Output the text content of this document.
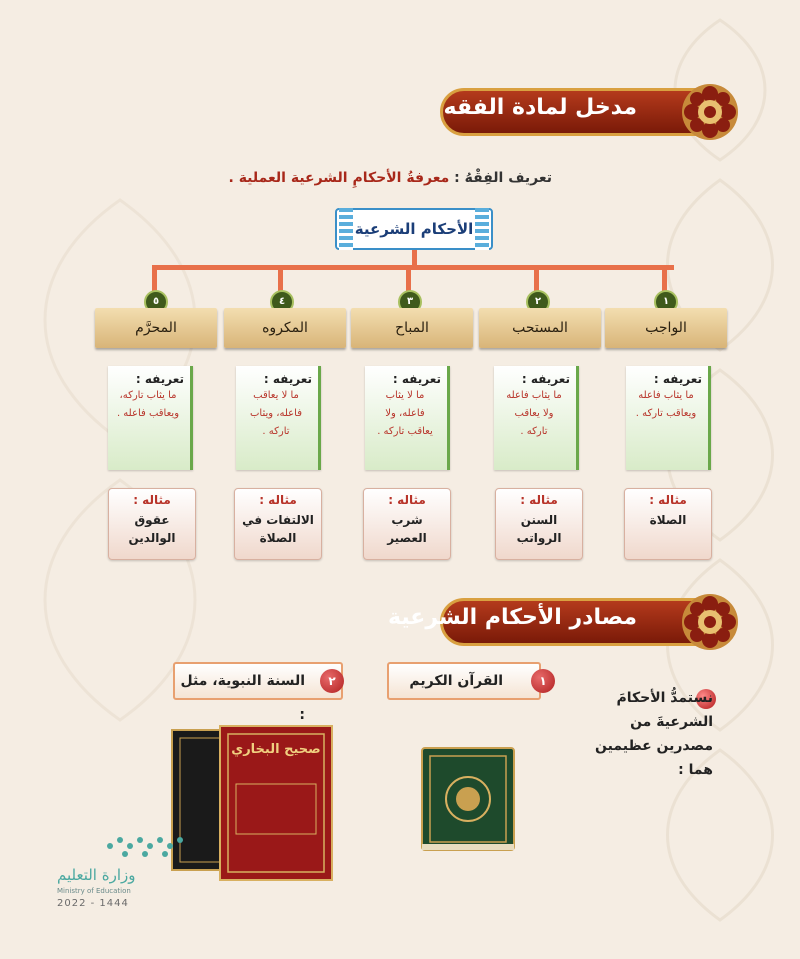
مدخل لمادة الفقه
تعريف الفِقْهُ : معرفةُ الأحكامِ الشرعية العملية .
الأحكام الشرعية
١
٢
٣
٤
٥
الواجب
المستحب
المباح
المكروه
المحرَّم
تعريفه :
ما يثاب فاعله
ويعاقب تاركه .
تعريفه :
ما يثاب فاعله
ولا يعاقب
تاركه .
تعريفه :
ما لا يثاب
فاعله، ولا
يعاقب تاركه .
تعريفه :
ما لا يعاقب
فاعله، ويثاب
تاركه .
تعريفه :
ما يثاب تاركه،
ويعاقب فاعله .
مثاله :
الصلاة
مثاله :
السنن الرواتب
مثاله :
شرب
العصير
مثاله :
الالتفات في
الصلاة
مثاله :
عقوق
الوالدين
مصادر الأحكام الشرعية
نستمدُّ الأحكامَ
الشرعيةَ من
مصدرين عظيمين
هما :
القرآن الكريم	١
السنة النبوية، مثل :
٢
صحيح البخاري
وزارة التعليم
Ministry of Education
2022 - 1444
